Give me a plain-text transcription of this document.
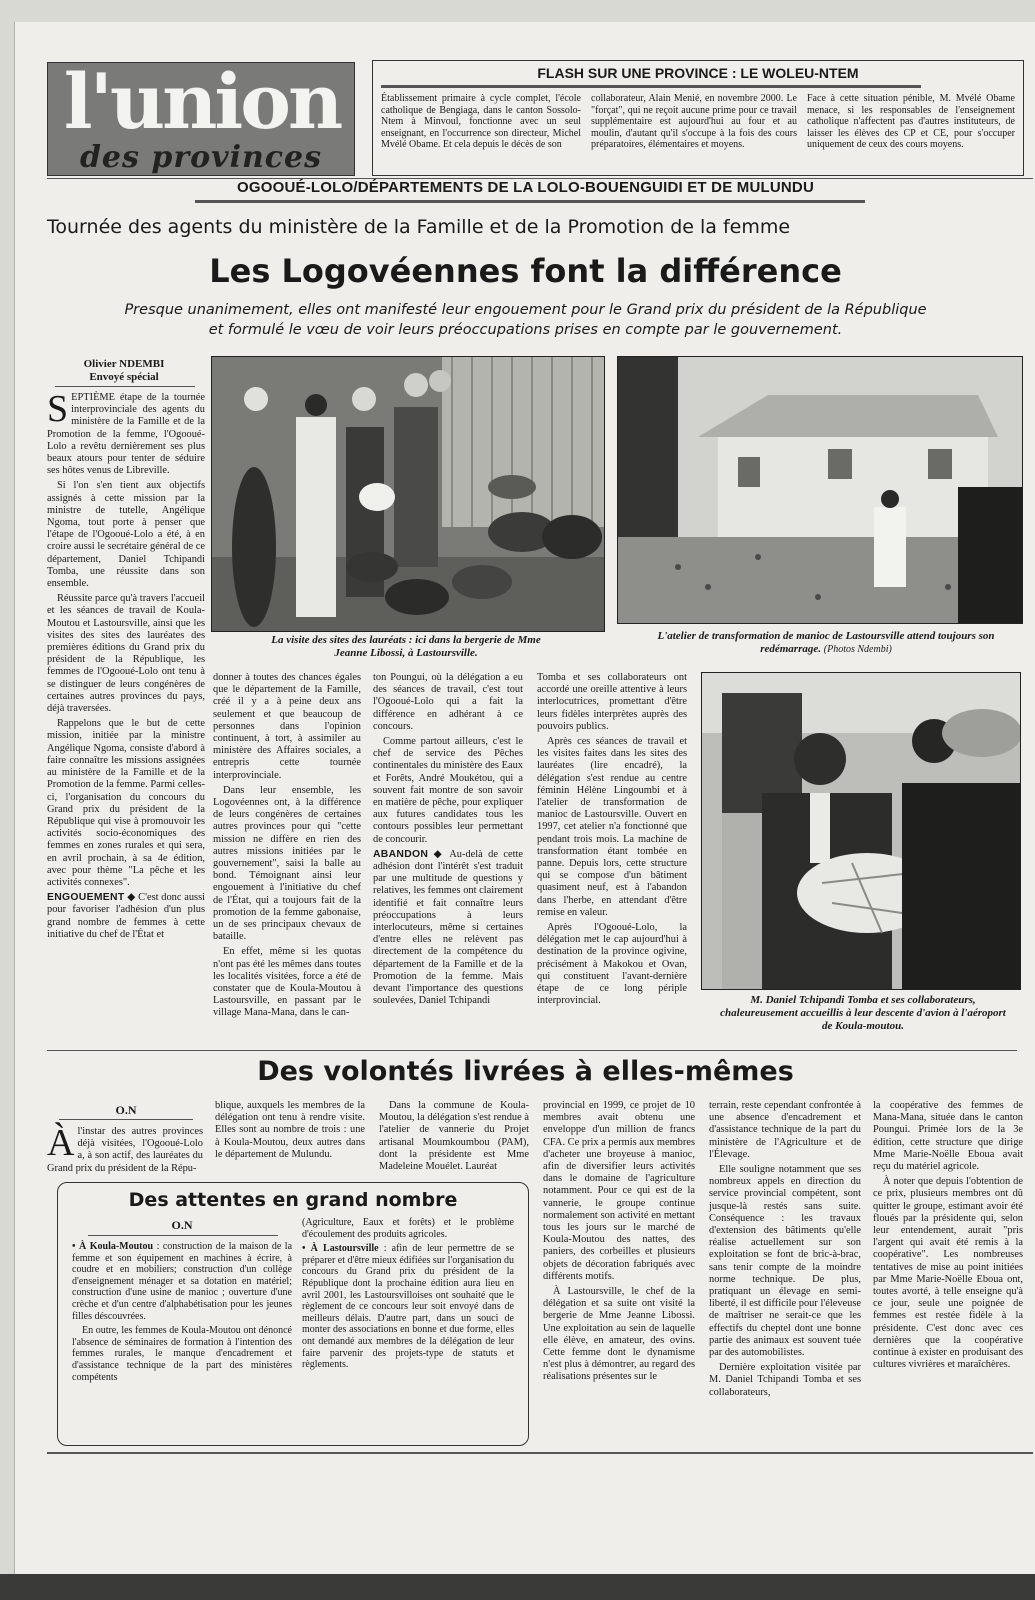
l'union
des provinces
FLASH SUR UNE PROVINCE : LE WOLEU-NTEM

Établissement primaire à cycle complet, l'école catholique de Bengiaga, dans le canton Sossolo-Ntem à Minvoul, fonctionne avec un seul enseignant, en l'occurrence son directeur, Michel Mvélé Obame. Et cela depuis le décès de son

collaborateur, Alain Menié, en novembre 2000. Le "forçat", qui ne reçoit aucune prime pour ce travail supplémentaire est aujourd'hui au four et au moulin, d'autant qu'il s'occupe à la fois des cours préparatoires, élémentaires et moyens.

Face à cette situation pénible, M. Mvélé Obame menace, si les responsables de l'enseignement catholique n'affectent pas d'autres instituteurs, de laisser les élèves des CP et CE, pour s'occuper uniquement de ceux des cours moyens.

OGOOUÉ-LOLO/DÉPARTEMENTS DE LA LOLO-BOUENGUIDI ET DE MULUNDU
Tournée des agents du ministère de la Famille et de la Promotion de la femme
Les Logovéennes font la différence
Presque unanimement, elles ont manifesté leur engouement pour le Grand prix du président de la République
et formulé le vœu de voir leurs préoccupations prises en compte par le gouvernement.
Olivier NDEMBI
Envoyé spécial

SEPTIÈME étape de la tournée interprovinciale des agents du ministère de la Famille et de la Promotion de la femme, l'Ogooué-Lolo a revêtu dernièrement ses plus beaux atours pour tenter de séduire ses hôtes venus de Libreville.

Si l'on s'en tient aux objectifs assignés à cette mission par la ministre de tutelle, Angélique Ngoma, tout porte à penser que l'étape de l'Ogooué-Lolo a été, à en croire aussi le secrétaire général de ce département, Daniel Tchipandi Tomba, une réussite dans son ensemble.

Réussite parce qu'à travers l'accueil et les séances de travail de Koula-Moutou et Lastoursville, ainsi que les visites des sites des lauréates des premières éditions du Grand prix du président de la République, les femmes de l'Ogooué-Lolo ont tenu à se distinguer de leurs congénères de certaines autres provinces du pays, déjà traversées.

Rappelons que le but de cette mission, initiée par la ministre Angélique Ngoma, consiste d'abord à faire connaître les missions assignées au ministère de la Famille et de la Promotion de la femme. Parmi celles-ci, l'organisation du concours du Grand prix du président de la République qui vise à promouvoir les activités socio-économiques des femmes en zones rurales et qui sera, en avril prochain, à sa 4e édition, avec pour thème "La pêche et les activités connexes".

ENGOUEMENT ◆ C'est donc aussi pour favoriser l'adhésion d'un plus grand nombre de femmes à cette initiative du chef de l'État et

La visite des sites des lauréats : ici dans la bergerie de Mme Jeanne Libossi, à Lastoursville.
L'atelier de transformation de manioc de Lastoursville attend toujours son redémarrage. (Photos Ndembi)

donner à toutes des chances égales que le département de la Famille, créé il y a à peine deux ans seulement et que beaucoup de personnes dans l'opinion continuent, à tort, à assimiler au ministère des Affaires sociales, a entrepris cette tournée interprovinciale.

Dans leur ensemble, les Logovéennes ont, à la différence de leurs congénères de certaines autres provinces pour qui "cette mission ne diffère en rien des autres missions initiées par le gouvernement", saisi la balle au bond. Témoignant ainsi leur engouement à l'initiative du chef de l'État, qui a toujours fait de la promotion de la femme gabonaise, un de ses principaux chevaux de bataille.

En effet, même si les quotas n'ont pas été les mêmes dans toutes les localités visitées, force a été de constater que de Koula-Moutou à Lastoursville, en passant par le village Mana-Mana, dans le can-

ton Poungui, où la délégation a eu des séances de travail, c'est tout l'Ogooué-Lolo qui a fait la différence en adhérant à ce concours.

Comme partout ailleurs, c'est le chef de service des Pêches continentales du ministère des Eaux et Forêts, André Moukétou, qui a souvent fait montre de son savoir en matière de pêche, pour expliquer aux futures candidates tous les contours possibles leur permettant de concourir.

ABANDON ◆ Au-delà de cette adhésion dont l'intérêt s'est traduit par une multitude de questions y relatives, les femmes ont clairement identifié et fait connaître leurs préoccupations à leurs interlocuteurs, même si certaines d'entre elles ne relèvent pas directement de la compétence du département de la Famille et de la Promotion de la femme. Mais devant l'importance des questions soulevées, Daniel Tchipandi

Tomba et ses collaborateurs ont accordé une oreille attentive à leurs interlocutrices, promettant d'être leurs fidèles interprètes auprès des pouvoirs publics.

Après ces séances de travail et les visites faites dans les sites des lauréates (lire encadré), la délégation s'est rendue au centre féminin Hélène Lingoumbi et à l'atelier de transformation de manioc de Lastoursville. Ouvert en 1997, cet atelier n'a fonctionné que pendant trois mois. La machine de transformation étant tombée en panne. Depuis lors, cette structure qui se compose d'un bâtiment quasiment neuf, est à l'abandon dans l'herbe, en attendant d'être remise en valeur.

Après l'Ogooué-Lolo, la délégation met le cap aujourd'hui à destination de la province ogivine, précisément à Makokou et Ovan, qui constituent l'avant-dernière étape de ce long périple interprovincial.	M. Daniel Tchipandi Tomba et ses collaborateurs, chaleureusement accueillis à leur descente d'avion à l'aéroport de Koula-moutou.
Des volontés livrées à elles-mêmes
O.N

Àl'instar des autres provinces déjà visitées, l'Ogooué-Lolo a, à son actif, des lauréates du Grand prix du président de la Répu-

blique, auxquels les membres de la délégation ont tenu à rendre visite. Elles sont au nombre de trois : une à Koula-Moutou, deux autres dans le département de Mulundu.

Dans la commune de Koula-Moutou, la délégation s'est rendue à l'atelier de vannerie du Projet artisanal Moumkoumbou (PAM), dont la présidente est Mme Madeleine Mouélet. Lauréat

provincial en 1999, ce projet de 10 membres avait obtenu une enveloppe d'un million de francs CFA. Ce prix a permis aux membres d'acheter une broyeuse à manioc, afin de diversifier leurs activités dans le domaine de l'agriculture notamment. Pour ce qui est de la vannerie, le groupe continue normalement son activité en mettant tous les jours sur le marché de Koula-Moutou des nattes, des paniers, des corbeilles et plusieurs objets de décoration fabriqués avec différents motifs.

À Lastoursville, le chef de la délégation et sa suite ont visité la bergerie de Mme Jeanne Libossi. Une exploitation au sein de laquelle elle élève, en amateur, des ovins. Cette femme dont le dynamisme n'est plus à démontrer, au regard des réalisations présentes sur le

terrain, reste cependant confrontée à une absence d'encadrement et d'assistance technique de la part du ministère de l'Agriculture et de l'Élevage.

Elle souligne notamment que ses nombreux appels en direction du service provincial compétent, sont jusque-là restés sans suite. Conséquence : les travaux d'extension des bâtiments qu'elle réalise actuellement sur son exploitation se font de bric-à-brac, sans tenir compte de la moindre norme technique. De plus, pratiquant un élevage en semi-liberté, il est difficile pour l'éleveuse de maîtriser ne serait-ce que les effectifs du cheptel dont une bonne partie des animaux est souvent tuée par des automobilistes.

Dernière exploitation visitée par M. Daniel Tchipandi Tomba et ses collaborateurs,

la coopérative des femmes de Mana-Mana, située dans le canton Poungui. Primée lors de la 3e édition, cette structure que dirige Mme Marie-Noëlle Eboua avait reçu du matériel agricole.

À noter que depuis l'obtention de ce prix, plusieurs membres ont dû quitter le groupe, estimant avoir été floués par la présidente qui, selon leur entendement, aurait "pris l'argent qui avait été remis à la coopérative". Les nombreuses tentatives de mise au point initiées par Mme Marie-Noëlle Eboua ont, toutes avorté, à telle enseigne qu'à ce jour, seule une poignée de femmes est restée fidèle à la présidente. C'est donc avec ces dernières que la coopérative continue à exister en produisant des cultures vivrières et maraîchères.

Des attentes en grand nombre
O.N

• À Koula-Moutou : construction de la maison de la femme et son équipement en machines à écrire, à coudre et en mobiliers; construction d'un collège d'enseignement ménager et sa dotation en matériel; construction d'une usine de manioc ; ouverture d'une crèche et d'un centre d'alphabétisation pour les jeunes filles déscouvrées.

En outre, les femmes de Koula-Moutou ont dénoncé l'absence de séminaires de formation à l'intention des femmes rurales, le manque d'encadrement et d'assistance technique de la part des ministères compétents

(Agriculture, Eaux et forêts) et le problème d'écoulement des produits agricoles.

• À Lastoursville : afin de leur permettre de se préparer et d'être mieux édifiées sur l'organisation du concours du Grand prix du président de la République dont la prochaine édition aura lieu en avril 2001, les Lastoursvilloises ont souhaité que le règlement de ce concours leur soit envoyé dans de meilleurs délais. D'autre part, dans un souci de monter des associations en bonne et due forme, elles ont demandé aux membres de la délégation de leur faire parvenir des projets-type de statuts et règlements.
